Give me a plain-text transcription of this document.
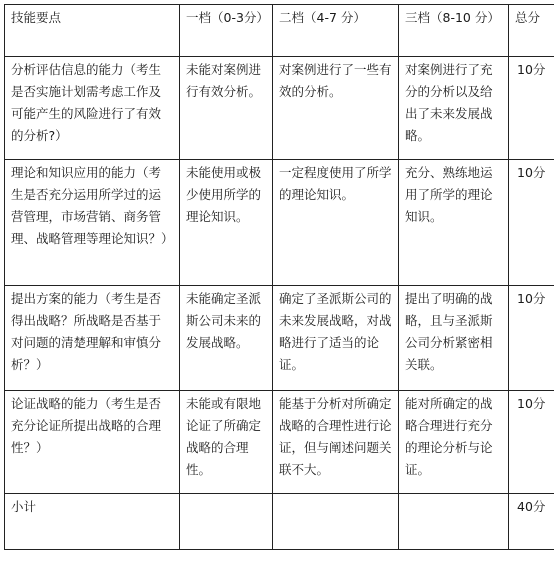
技能要点	一档（0-3分）	二档（4-7 分）	三档（8-10 分）	总分
分析评估信息的能力（考生是否实施计划需考虑工作及可能产生的风险进行了有效的分析?）	未能对案例进行有效分析。	对案例进行了一些有效的分析。	对案例进行了充分的分析以及给出了未来发展战略。	10分
理论和知识应用的能力（考生是否充分运用所学过的运营管理，市场营销、商务管理、战略管理等理论知识？）	未能使用或极少使用所学的理论知识。	一定程度使用了所学的理论知识。	充分、熟练地运用了所学的理论知识。	10分
提出方案的能力（考生是否得出战略？所战略是否基于对问题的清楚理解和审慎分析？）	未能确定圣派斯公司未来的发展战略。	确定了圣派斯公司的未来发展战略，对战略进行了适当的论证。	提出了明确的战略，且与圣派斯公司分析紧密相关联。	10分
论证战略的能力（考生是否充分论证所提出战略的合理性？）	未能或有限地论证了所确定战略的合理性。	能基于分析对所确定战略的合理性进行论证，但与阐述问题关联不大。	能对所确定的战略合理进行充分的理论分析与论证。	10分
小计				40分
